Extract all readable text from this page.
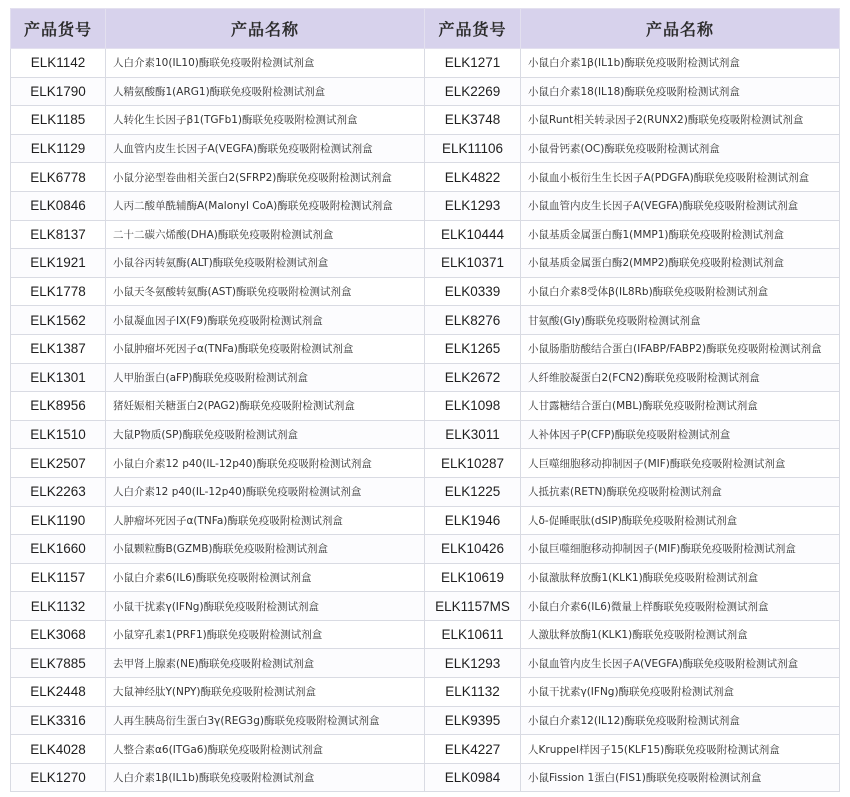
产品货号	产品名称	产品货号	产品名称
ELK1142	人白介素10(IL10)酶联免疫吸附检测试剂盒	ELK1271	小鼠白介素1β(IL1b)酶联免疫吸附检测试剂盒
ELK1790	人精氨酸酶1(ARG1)酶联免疫吸附检测试剂盒	ELK2269	小鼠白介素18(IL18)酶联免疫吸附检测试剂盒
ELK1185	人转化生长因子β1(TGFb1)酶联免疫吸附检测试剂盒	ELK3748	小鼠Runt相关转录因子2(RUNX2)酶联免疫吸附检测试剂盒
ELK1129	人血管内皮生长因子A(VEGFA)酶联免疫吸附检测试剂盒	ELK11106	小鼠骨钙素(OC)酶联免疫吸附检测试剂盒
ELK6778	小鼠分泌型卷曲相关蛋白2(SFRP2)酶联免疫吸附检测试剂盒	ELK4822	小鼠血小板衍生生长因子A(PDGFA)酶联免疫吸附检测试剂盒
ELK0846	人丙二酸单酰辅酶A(Malonyl CoA)酶联免疫吸附检测试剂盒	ELK1293	小鼠血管内皮生长因子A(VEGFA)酶联免疫吸附检测试剂盒
ELK8137	二十二碳六烯酸(DHA)酶联免疫吸附检测试剂盒	ELK10444	小鼠基质金属蛋白酶1(MMP1)酶联免疫吸附检测试剂盒
ELK1921	小鼠谷丙转氨酶(ALT)酶联免疫吸附检测试剂盒	ELK10371	小鼠基质金属蛋白酶2(MMP2)酶联免疫吸附检测试剂盒
ELK1778	小鼠天冬氨酸转氨酶(AST)酶联免疫吸附检测试剂盒	ELK0339	小鼠白介素8受体β(IL8Rb)酶联免疫吸附检测试剂盒
ELK1562	小鼠凝血因子IX(F9)酶联免疫吸附检测试剂盒	ELK8276	甘氨酸(Gly)酶联免疫吸附检测试剂盒
ELK1387	小鼠肿瘤坏死因子α(TNFa)酶联免疫吸附检测试剂盒	ELK1265	小鼠肠脂肪酸结合蛋白(IFABP/FABP2)酶联免疫吸附检测试剂盒
ELK1301	人甲胎蛋白(aFP)酶联免疫吸附检测试剂盒	ELK2672	人纤维胶凝蛋白2(FCN2)酶联免疫吸附检测试剂盒
ELK8956	猪妊娠相关糖蛋白2(PAG2)酶联免疫吸附检测试剂盒	ELK1098	人甘露糖结合蛋白(MBL)酶联免疫吸附检测试剂盒
ELK1510	大鼠P物质(SP)酶联免疫吸附检测试剂盒	ELK3011	人补体因子P(CFP)酶联免疫吸附检测试剂盒
ELK2507	小鼠白介素12 p40(IL-12p40)酶联免疫吸附检测试剂盒	ELK10287	人巨噬细胞移动抑制因子(MIF)酶联免疫吸附检测试剂盒
ELK2263	人白介素12 p40(IL-12p40)酶联免疫吸附检测试剂盒	ELK1225	人抵抗素(RETN)酶联免疫吸附检测试剂盒
ELK1190	人肿瘤坏死因子α(TNFa)酶联免疫吸附检测试剂盒	ELK1946	人δ-促睡眠肽(dSIP)酶联免疫吸附检测试剂盒
ELK1660	小鼠颗粒酶B(GZMB)酶联免疫吸附检测试剂盒	ELK10426	小鼠巨噬细胞移动抑制因子(MIF)酶联免疫吸附检测试剂盒
ELK1157	小鼠白介素6(IL6)酶联免疫吸附检测试剂盒	ELK10619	小鼠激肽释放酶1(KLK1)酶联免疫吸附检测试剂盒
ELK1132	小鼠干扰素γ(IFNg)酶联免疫吸附检测试剂盒	ELK1157MS	小鼠白介素6(IL6)微量上样酶联免疫吸附检测试剂盒
ELK3068	小鼠穿孔素1(PRF1)酶联免疫吸附检测试剂盒	ELK10611	人激肽释放酶1(KLK1)酶联免疫吸附检测试剂盒
ELK7885	去甲肾上腺素(NE)酶联免疫吸附检测试剂盒	ELK1293	小鼠血管内皮生长因子A(VEGFA)酶联免疫吸附检测试剂盒
ELK2448	大鼠神经肽Y(NPY)酶联免疫吸附检测试剂盒	ELK1132	小鼠干扰素γ(IFNg)酶联免疫吸附检测试剂盒
ELK3316	人再生胰岛衍生蛋白3γ(REG3g)酶联免疫吸附检测试剂盒	ELK9395	小鼠白介素12(IL12)酶联免疫吸附检测试剂盒
ELK4028	人整合素α6(ITGa6)酶联免疫吸附检测试剂盒	ELK4227	人Kruppel样因子15(KLF15)酶联免疫吸附检测试剂盒
ELK1270	人白介素1β(IL1b)酶联免疫吸附检测试剂盒	ELK0984	小鼠Fission 1蛋白(FIS1)酶联免疫吸附检测试剂盒
